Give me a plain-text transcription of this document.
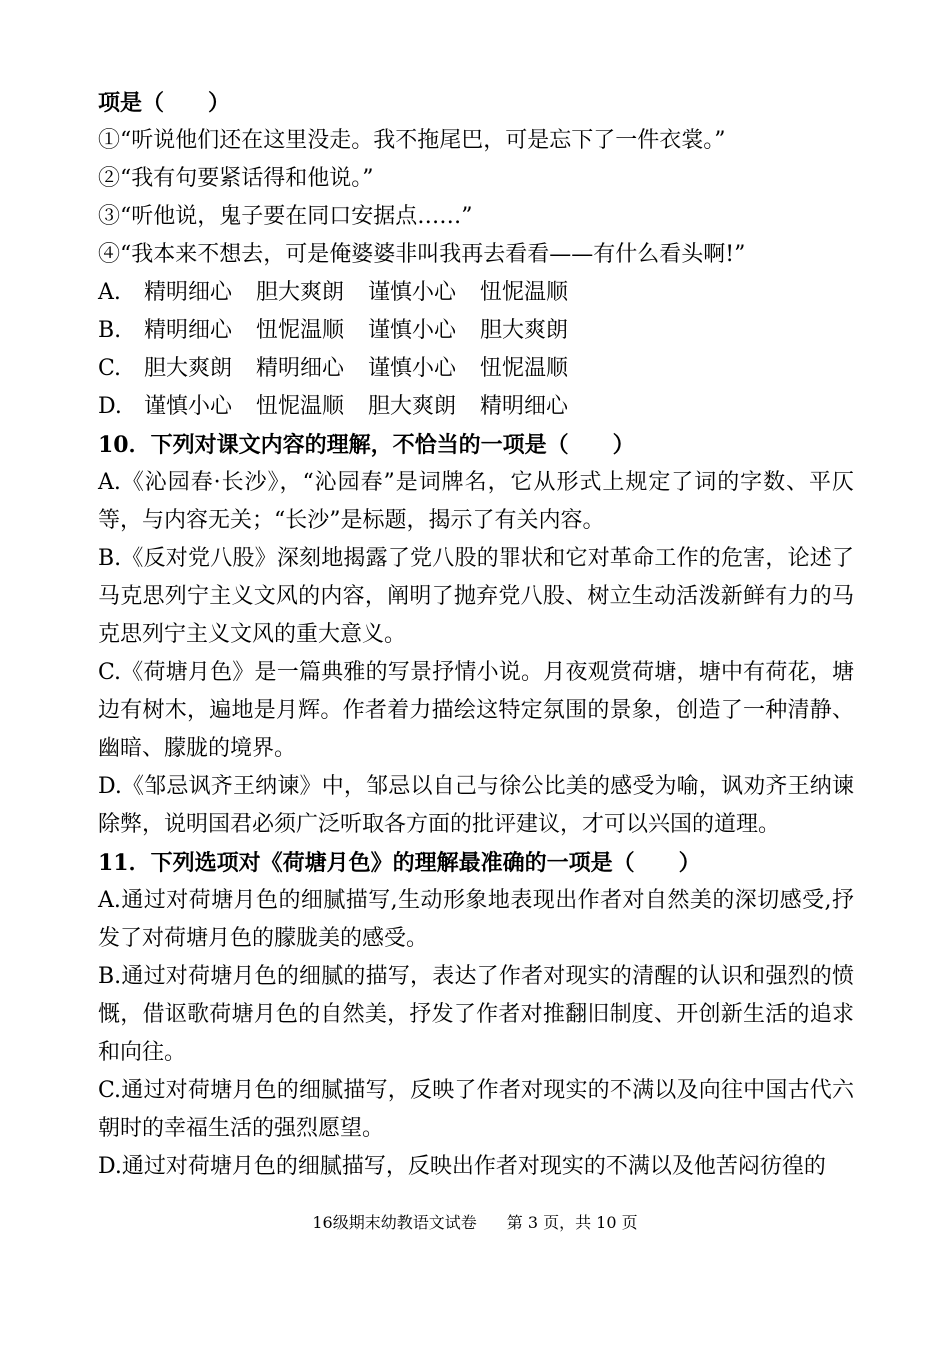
项是（　　）
①“听说他们还在这里没走。我不拖尾巴，可是忘下了一件衣裳。”
②“我有句要紧话得和他说。”
③“听他说，鬼子要在同口安据点……”
④“我本来不想去，可是俺婆婆非叫我再去看看——有什么看头啊!”
A.	精明细心 胆大爽朗 谨慎小心 忸怩温顺
B.	精明细心 忸怩温顺 谨慎小心 胆大爽朗
C.	胆大爽朗 精明细心 谨慎小心 忸怩温顺
D.	谨慎小心 忸怩温顺 胆大爽朗 精明细心
10．下列对课文内容的理解，不恰当的一项是（　　）
A.《沁园春·长沙》，“沁园春”是词牌名，它从形式上规定了词的字数、平仄等，与内容无关；“长沙”是标题，揭示了有关内容。
B.《反对党八股》深刻地揭露了党八股的罪状和它对革命工作的危害，论述了马克思列宁主义文风的内容，阐明了抛弃党八股、树立生动活泼新鲜有力的马克思列宁主义文风的重大意义。
C.《荷塘月色》是一篇典雅的写景抒情小说。月夜观赏荷塘，塘中有荷花，塘边有树木，遍地是月辉。作者着力描绘这特定氛围的景象，创造了一种清静、幽暗、朦胧的境界。
D.《邹忌讽齐王纳谏》中，邹忌以自己与徐公比美的感受为喻，讽劝齐王纳谏除弊，说明国君必须广泛听取各方面的批评建议，才可以兴国的道理。
11．下列选项对《荷塘月色》的理解最准确的一项是（　　）
A.通过对荷塘月色的细腻描写,生动形象地表现出作者对自然美的深切感受,抒发了对荷塘月色的朦胧美的感受。
B.通过对荷塘月色的细腻的描写，表达了作者对现实的清醒的认识和强烈的愤慨，借讴歌荷塘月色的自然美，抒发了作者对推翻旧制度、开创新生活的追求和向往。
C.通过对荷塘月色的细腻描写，反映了作者对现实的不满以及向往中国古代六朝时的幸福生活的强烈愿望。
D.通过对荷塘月色的细腻描写，反映出作者对现实的不满以及他苦闷彷徨的
16级期末幼教语文试卷 第 3 页，共 10 页
